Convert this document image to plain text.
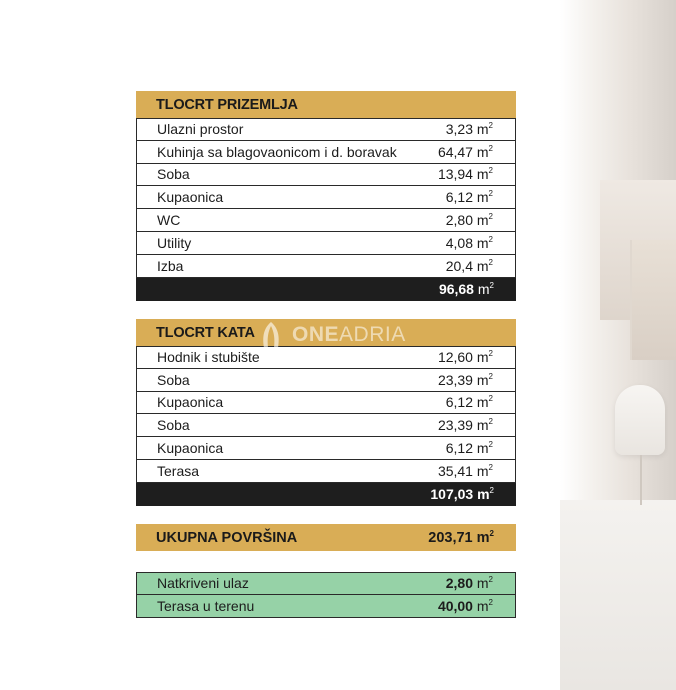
TLOCRT PRIZEMLJA
Ulazni prostor	3,23 $m^2$
Kuhinja sa blagovaonicom i d. boravak	64,47 $m^2$
Soba	13,94 $m^2$
Kupaonica	6,12 $m^2$
WC	2,80 $m^2$
Utility	4,08 $m^2$
Izba	20,4 $m^2$
96,68 $m^2$
TLOCRT KATA
Hodnik i stubište	12,60 $m^2$
Soba	23,39 $m^2$
Kupaonica	6,12 $m^2$
Soba	23,39 $m^2$
Kupaonica	6,12 $m^2$
Terasa	35,41 $m^2$
107,03 $m^2$
ONEADRIA
UKUPNA POVRŠINA	203,71 $m^2$
Natkriveni ulaz	2,80 $m^2$
Terasa u terenu	40,00 $m^2$
